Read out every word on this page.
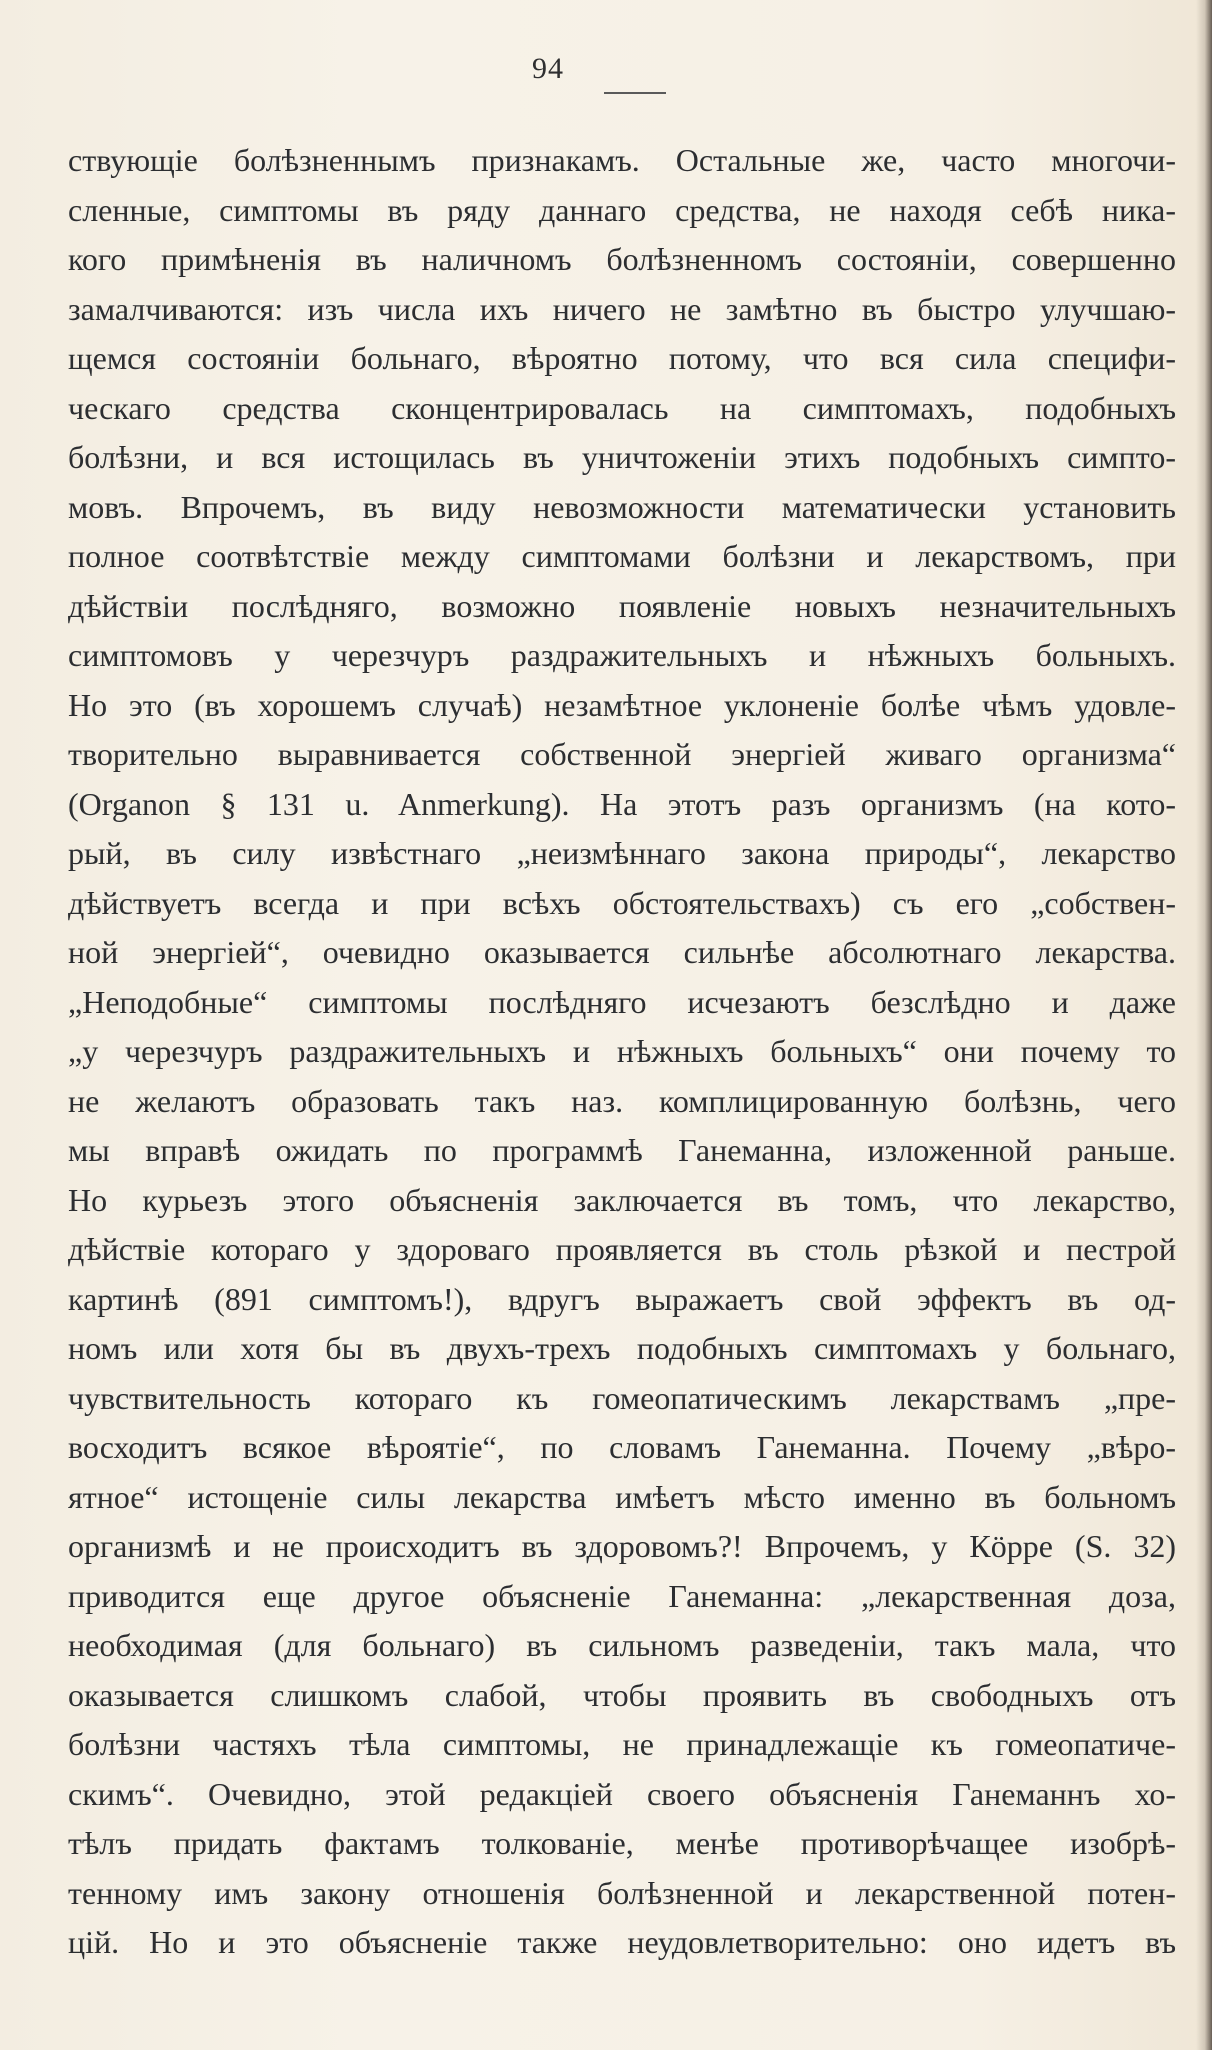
94
ствующіе болѣзненнымъ признакамъ. Остальные же, часто многочи-
сленные, симптомы въ ряду даннаго средства, не находя себѣ ника-
кого примѣненія въ наличномъ болѣзненномъ состояніи, совершенно
замалчиваются: изъ числа ихъ ничего не замѣтно въ быстро улучшаю-
щемся состояніи больнаго, вѣроятно потому, что вся сила специфи-
ческаго средства сконцентрировалась на симптомахъ, подобныхъ
болѣзни, и вся истощилась въ уничтоженіи этихъ подобныхъ симпто-
мовъ. Впрочемъ, въ виду невозможности математически установить
полное соотвѣтствіе между симптомами болѣзни и лекарствомъ, при
дѣйствіи послѣдняго, возможно появленіе новыхъ незначительныхъ
симптомовъ у черезчуръ раздражительныхъ и нѣжныхъ больныхъ.
Но это (въ хорошемъ случаѣ) незамѣтное уклоненіе болѣе чѣмъ удовле-
творительно выравнивается собственной энергіей живаго организма“
(Organon § 131 u. Anmerkung). На этотъ разъ организмъ (на кото-
рый, въ силу извѣстнаго „неизмѣннаго закона природы“, лекарство
дѣйствуетъ всегда и при всѣхъ обстоятельствахъ) съ его „собствен-
ной энергіей“, очевидно оказывается сильнѣе абсолютнаго лекарства.
„Неподобные“ симптомы послѣдняго исчезаютъ безслѣдно и даже
„у черезчуръ раздражительныхъ и нѣжныхъ больныхъ“ они почему то
не желаютъ образовать такъ наз. комплицированную болѣзнь, чего
мы вправѣ ожидать по программѣ Ганеманна, изложенной раньше.
Но курьезъ этого объясненія заключается въ томъ, что лекарство,
дѣйствіе котораго у здороваго проявляется въ столь рѣзкой и пестрой
картинѣ (891 симптомъ!), вдругъ выражаетъ свой эффектъ въ од-
номъ или хотя бы въ двухъ-трехъ подобныхъ симптомахъ у больнаго,
чувствительность котораго къ гомеопатическимъ лекарствамъ „пре-
восходитъ всякое вѣроятіе“, по словамъ Ганеманна. Почему „вѣро-
ятное“ истощеніе силы лекарства имѣетъ мѣсто именно въ больномъ
организмѣ и не происходитъ въ здоровомъ?! Впрочемъ, у Кöрре (S. 32)
приводится еще другое объясненіе Ганеманна: „лекарственная доза,
необходимая (для больнаго) въ сильномъ разведеніи, такъ мала, что
оказывается слишкомъ слабой, чтобы проявить въ свободныхъ отъ
болѣзни частяхъ тѣла симптомы, не принадлежащіе къ гомеопатиче-
скимъ“. Очевидно, этой редакціей своего объясненія Ганеманнъ хо-
тѣлъ придать фактамъ толкованіе, менѣе противорѣчащее изобрѣ-
тенному имъ закону отношенія болѣзненной и лекарственной потен-
цій. Но и это объясненіе также неудовлетворительно: оно идетъ въ
